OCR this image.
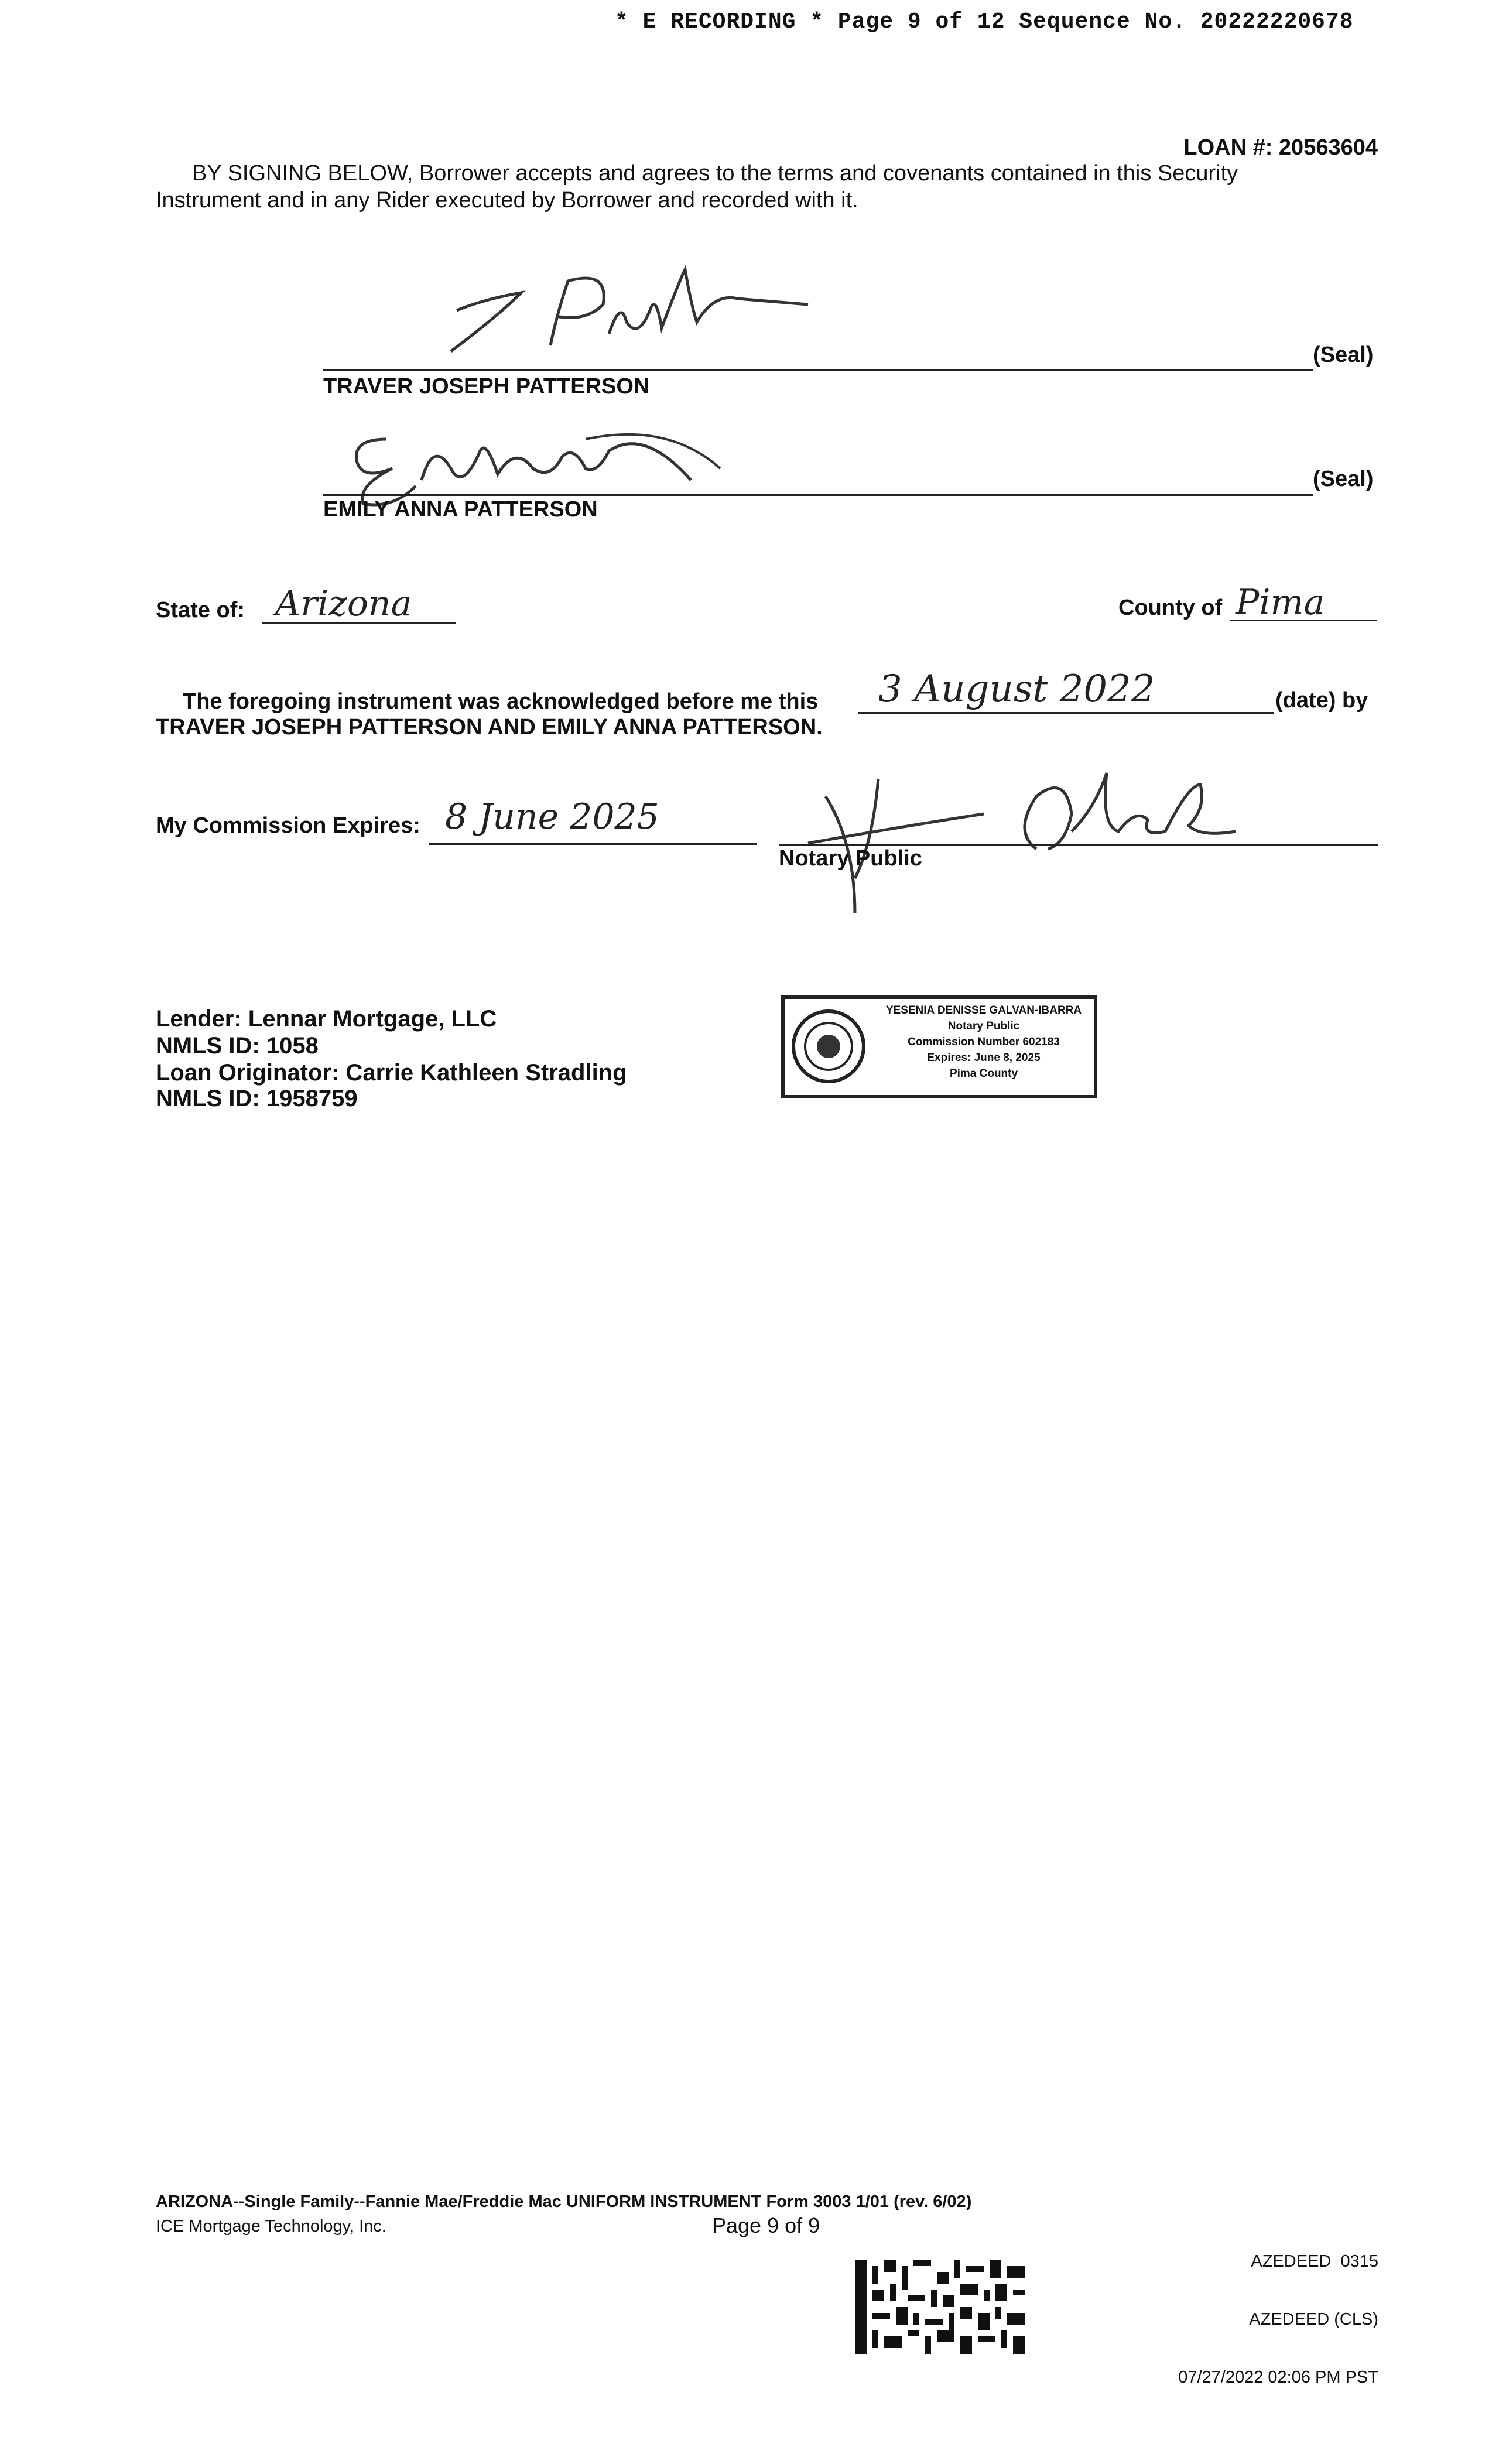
* E RECORDING * Page 9 of 12 Sequence No. 20222220678
LOAN #: 20563604
BY SIGNING BELOW, Borrower accepts and agrees to the terms and covenants contained in this Security
Instrument and in any Rider executed by Borrower and recorded with it.
(Seal)
TRAVER JOSEPH PATTERSON
(Seal)
EMILY ANNA PATTERSON
State of: Arizona	County of Pima
The foregoing instrument was acknowledged before me this 3 August 2022	(date) by
TRAVER JOSEPH PATTERSON AND EMILY ANNA PATTERSON.
My Commission Expires: 8 June 2025
Notary Public
Lender: Lennar Mortgage, LLC
NMLS ID: 1058
Loan Originator: Carrie Kathleen Stradling
NMLS ID: 1958759
YESENIA DENISSE GALVAN-IBARRA
Notary Public
Commission Number 602183
Expires: June 8, 2025
Pima County
ARIZONA--Single Family--Fannie Mae/Freddie Mac UNIFORM INSTRUMENT Form 3003 1/01 (rev. 6/02)
ICE Mortgage Technology, Inc.	Page 9 of 9

AZEDEED  0315

AZEDEED (CLS)

07/27/2022 02:06 PM PST
